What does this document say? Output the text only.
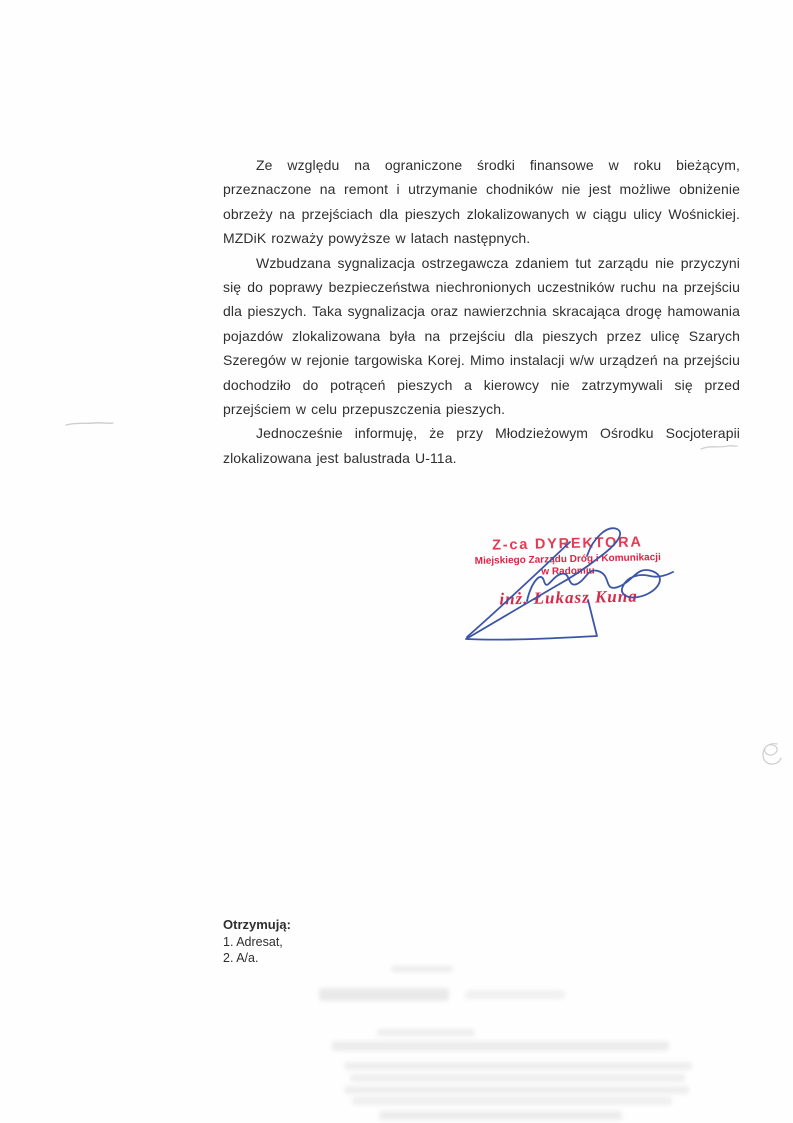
Ze względu na ograniczone środki finansowe w roku bieżącym, przeznaczone na remont i utrzymanie chodników nie jest możliwe obniżenie obrzeży na przejściach dla pieszych zlokalizowanych w ciągu ulicy Wośnickiej. MZDiK rozważy powyższe w latach następnych.

Wzbudzana sygnalizacja ostrzegawcza zdaniem tut zarządu nie przyczyni się do poprawy bezpieczeństwa niechronionych uczestników ruchu na przejściu dla pieszych. Taka sygnalizacja oraz nawierzchnia skracająca drogę hamowania pojazdów zlokalizowana była na przejściu dla pieszych przez ulicę Szarych Szeregów w rejonie targowiska Korej. Mimo instalacji w/w urządzeń na przejściu dochodziło do potrąceń pieszych a kierowcy nie zatrzymywali się przed przejściem w celu przepuszczenia pieszych.

Jednocześnie informuję, że przy Młodzieżowym Ośrodku Socjoterapii zlokalizowana jest balustrada U-11a.

Z-ca DYREKTORA
Miejskiego Zarządu Dróg i Komunikacji
w Radomiu
inż. Łukasz Kuna
Otrzymują:
1. Adresat,
2. A/a.
